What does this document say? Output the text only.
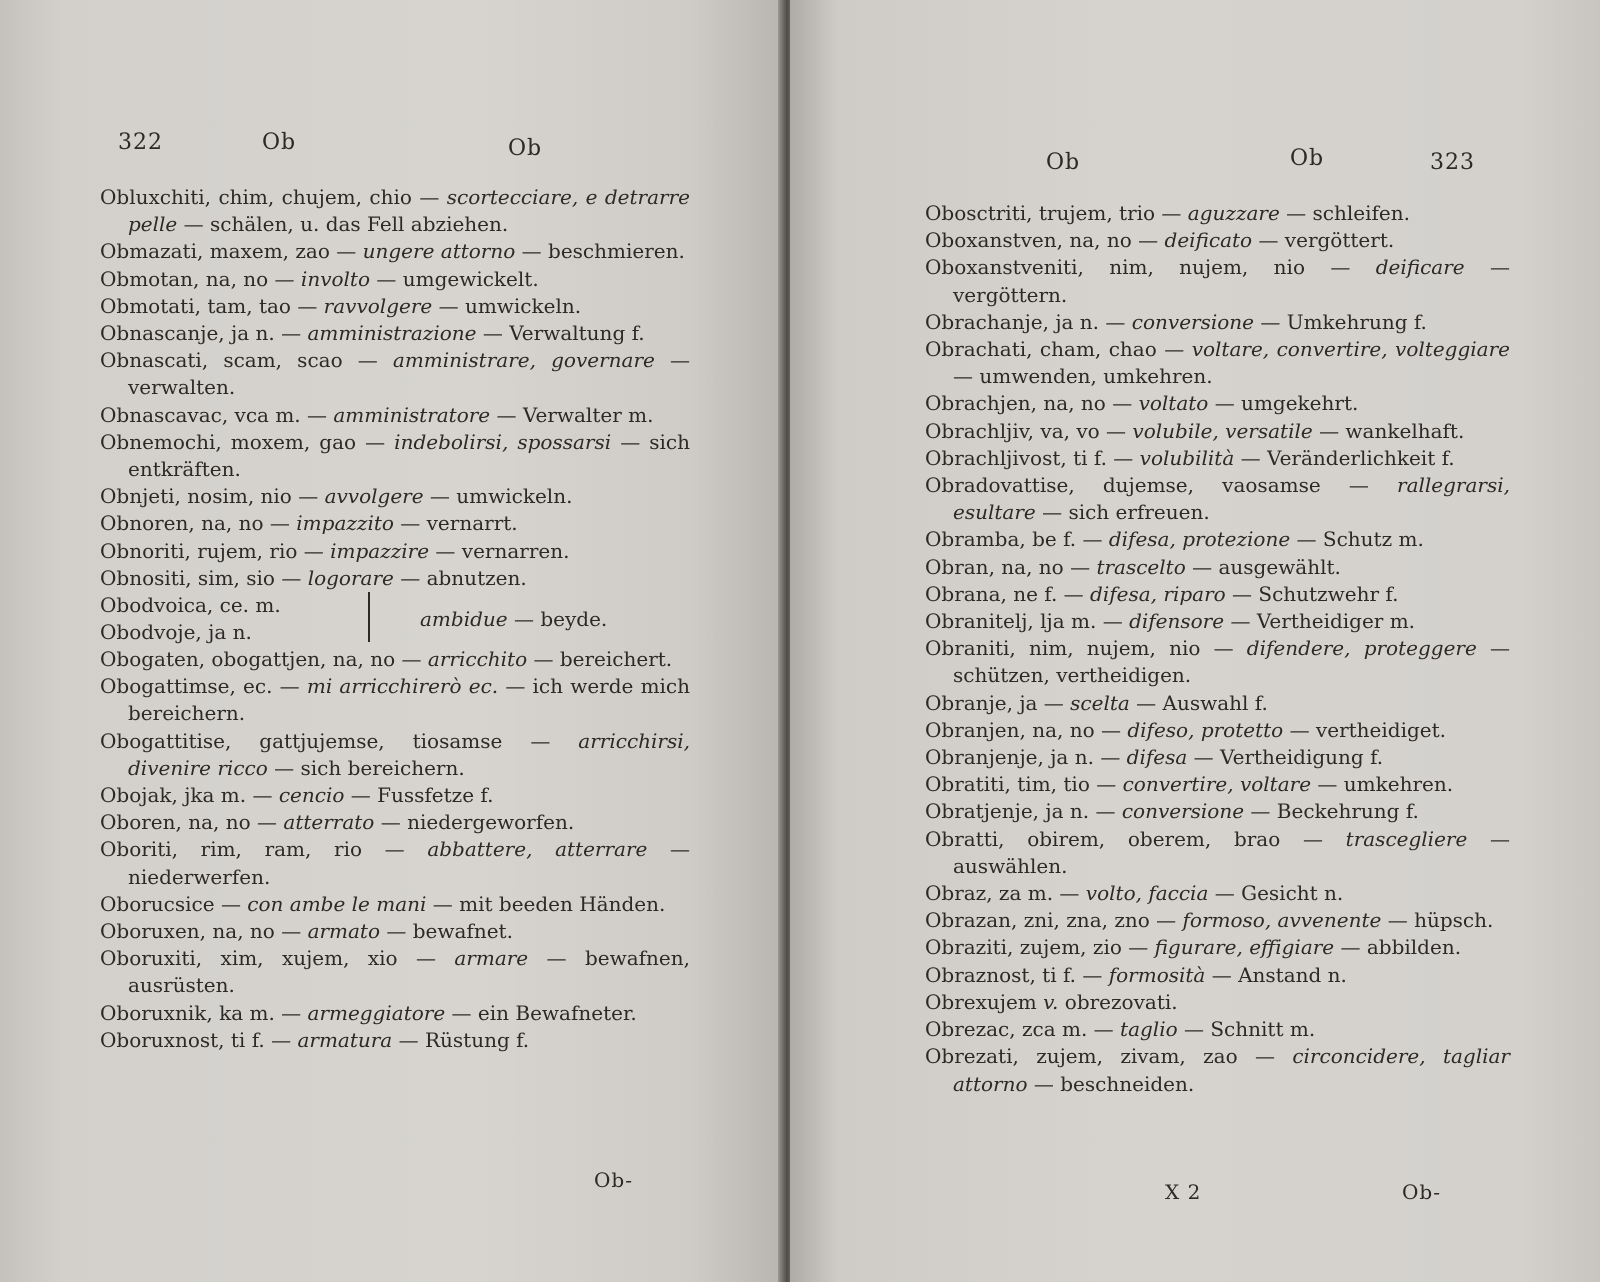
322	Ob	Ob
Obluxchiti, chim, chujem, chio — scortecciare, e detrarre pelle — schälen, u. das Fell abziehen.
Obmazati, maxem, zao — ungere attorno — beschmieren.
Obmotan, na, no — involto — umgewickelt.
Obmotati, tam, tao — ravvolgere — umwickeln.
Obnascanje, ja n. — amministrazione — Verwaltung f.
Obnascati, scam, scao — amministrare, governare — verwalten.
Obnascavac, vca m. — amministratore — Verwalter m.
Obnemochi, moxem, gao — indebolirsi, spossarsi — sich entkräften.
Obnjeti, nosim, nio — avvolgere — umwickeln.
Obnoren, na, no — impazzito — vernarrt.
Obnoriti, rujem, rio — impazzire — vernarren.
Obnositi, sim, sio — logorare — abnutzen.
Obodvoica, ce. m.
Obodvoje, ja n.
ambidue — beyde.
Obogaten, obogattjen, na, no — arricchito — bereichert.
Obogattimse, ec. — mi arricchirerò ec. — ich werde mich bereichern.
Obogattitise, gattjujemse, tiosamse — arricchirsi, divenire ricco — sich bereichern.
Obojak, jka m. — cencio — Fussfetze f.
Oboren, na, no — atterrato — niedergeworfen.
Oboriti, rim, ram, rio — abbattere, atterrare — niederwerfen.
Oborucsice — con ambe le mani — mit beeden Händen.
Oboruxen, na, no — armato — bewafnet.
Oboruxiti, xim, xujem, xio — armare — bewafnen, ausrüsten.
Oboruxnik, ka m. — armeggiatore — ein Bewafneter.
Oboruxnost, ti f. — armatura — Rüstung f.
Ob-
Ob	Ob	323
Obosctriti, trujem, trio — aguzzare — schleifen.
Oboxanstven, na, no — deificato — vergöttert.
Oboxanstveniti, nim, nujem, nio — deificare — vergöttern.
Obrachanje, ja n. — conversione — Umkehrung f.
Obrachati, cham, chao — voltare, convertire, volteggiare — umwenden, umkehren.
Obrachjen, na, no — voltato — umgekehrt.
Obrachljiv, va, vo — volubile, versatile — wankelhaft.
Obrachljivost, ti f. — volubilità — Veränderlichkeit f.
Obradovattise, dujemse, vaosamse — rallegrarsi, esultare — sich erfreuen.
Obramba, be f. — difesa, protezione — Schutz m.
Obran, na, no — trascelto — ausgewählt.
Obrana, ne f. — difesa, riparo — Schutzwehr f.
Obranitelj, lja m. — difensore — Vertheidiger m.
Obraniti, nim, nujem, nio — difendere, proteggere — schützen, vertheidigen.
Obranje, ja — scelta — Auswahl f.
Obranjen, na, no — difeso, protetto — vertheidiget.
Obranjenje, ja n. — difesa — Vertheidigung f.
Obratiti, tim, tio — convertire, voltare — umkehren.
Obratjenje, ja n. — conversione — Beckehrung f.
Obratti, obirem, oberem, brao — trascegliere — auswählen.
Obraz, za m. — volto, faccia — Gesicht n.
Obrazan, zni, zna, zno — formoso, avvenente — hüpsch.
Obraziti, zujem, zio — figurare, effigiare — abbilden.
Obraznost, ti f. — formosità — Anstand n.
Obrexujem v. obrezovati.
Obrezac, zca m. — taglio — Schnitt m.
Obrezati, zujem, zivam, zao — circoncidere, tagliar attorno — beschneiden.
X 2	Ob-
